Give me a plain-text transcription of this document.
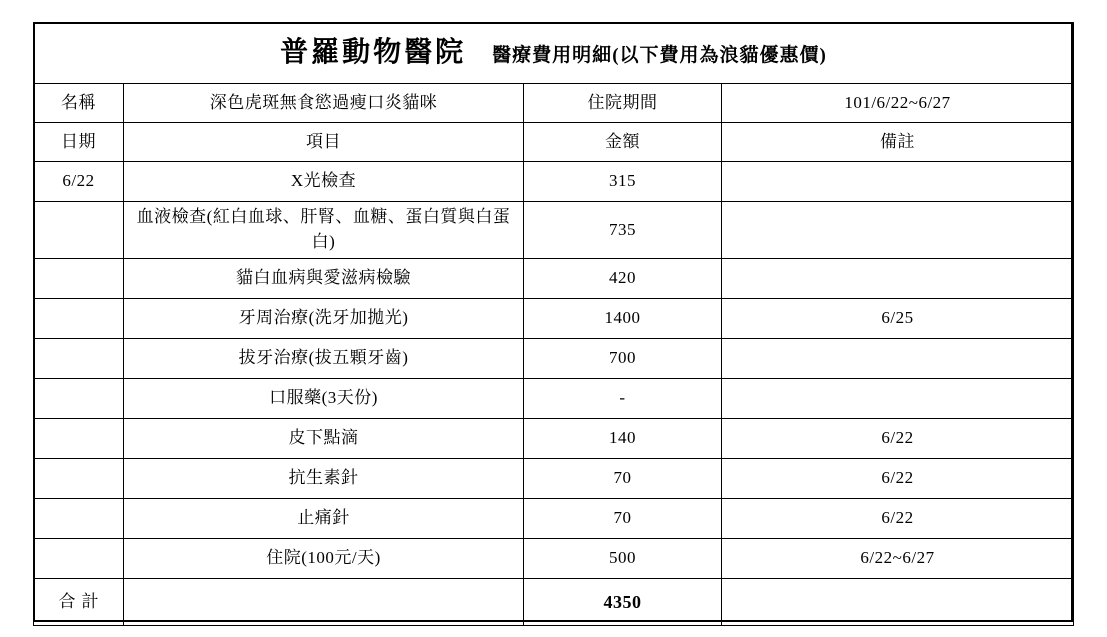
普羅動物醫院 醫療費用明細(以下費用為浪貓優惠價)			
名稱	深色虎斑無食慾過瘦口炎貓咪	住院期間	101/6/22~6/27
日期	項目	金額	備註
6/22	X光檢查	315	

	血液檢查(紅白血球、肝腎、血糖、蛋白質與白蛋白)	735	
	貓白血病與愛滋病檢驗	420	
	牙周治療(洗牙加拋光)	1400	6/25
	拔牙治療(拔五顆牙齒)	700	
	口服藥(3天份)	-	
	皮下點滴	140	6/22
	抗生素針	70	6/22
	止痛針	70	6/22
	住院(100元/天)	500	6/22~6/27
合計		4350	
